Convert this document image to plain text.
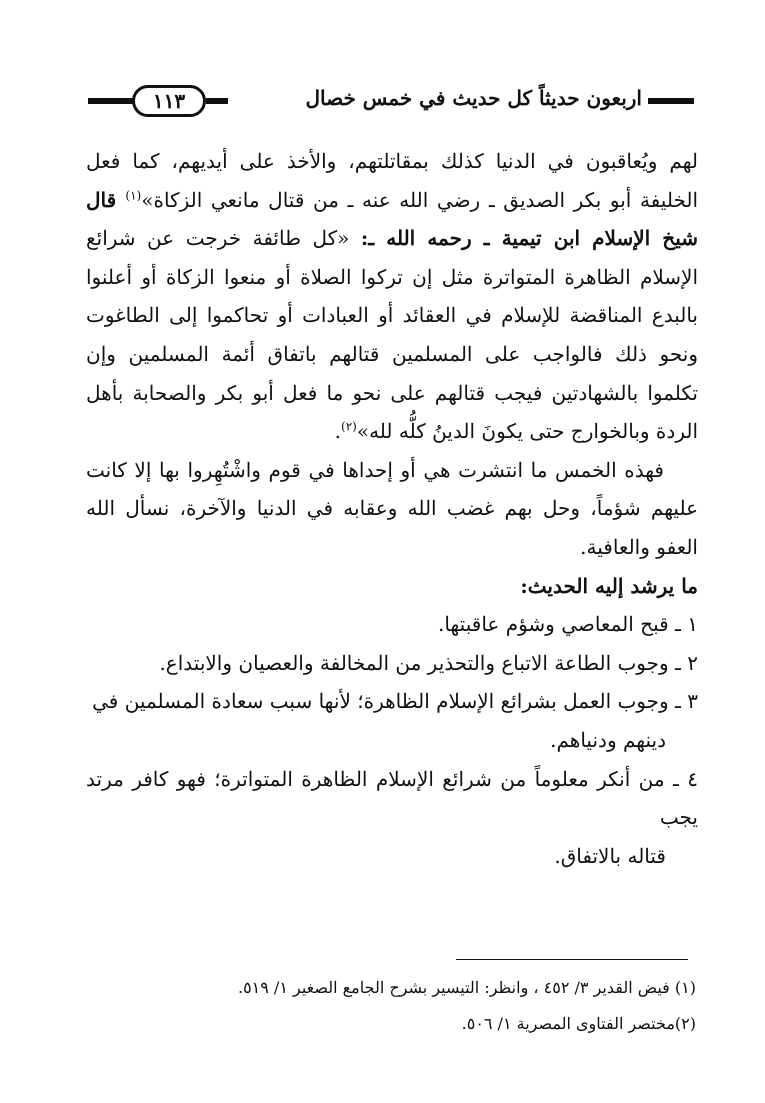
١١٣	اربعون حديثاً كل حديث في خمس خصال

لهم ويُعاقبون في الدنيا كذلك بمقاتلتهم، والأخذ على أيديهم، كما فعل الخليفة أبو بكر الصديق ـ رضي الله عنه ـ من قتال مانعي الزكاة»$^{(١)}$ قال شيخ الإسلام ابن تيمية ـ رحمه الله ـ: «كل طائفة خرجت عن شرائع الإسلام الظاهرة المتواترة مثل إن تركوا الصلاة أو منعوا الزكاة أو أعلنوا بالبدع المناقضة للإسلام في العقائد أو العبادات أو تحاكموا إلى الطاغوت ونحو ذلك فالواجب على المسلمين قتالهم باتفاق أئمة المسلمين وإن تكلموا بالشهادتين فيجب قتالهم على نحو ما فعل أبو بكر والصحابة بأهل الردة وبالخوارج حتى يكونَ الدينُ كلُّه لله»$^{(٢)}$.

فهذه الخمس ما انتشرت هي أو إحداها في قوم واشْتُهِروا بها إلا كانت عليهم شؤماً، وحل بهم غضب الله وعقابه في الدنيا والآخرة، نسأل الله العفو والعافية.

ما يرشد إليه الحديث:

١ ـ قبح المعاصي وشؤم عاقبتها.
٢ ـ وجوب الطاعة الاتباع والتحذير من المخالفة والعصيان والابتداع.
٣ ـ وجوب العمل بشرائع الإسلام الظاهرة؛ لأنها سبب سعادة المسلمين في
دينهم ودنياهم.
٤ ـ من أنكر معلوماً من شرائع الإسلام الظاهرة المتواترة؛ فهو كافر مرتد يجب
قتاله بالاتفاق.

(١) فيض القدير ٣/ ٤٥٢ ، وانظر: التيسير بشرح الجامع الصغير ١/ ٥١٩.

(٢)مختصر الفتاوى المصرية ١/ ٥٠٦.
